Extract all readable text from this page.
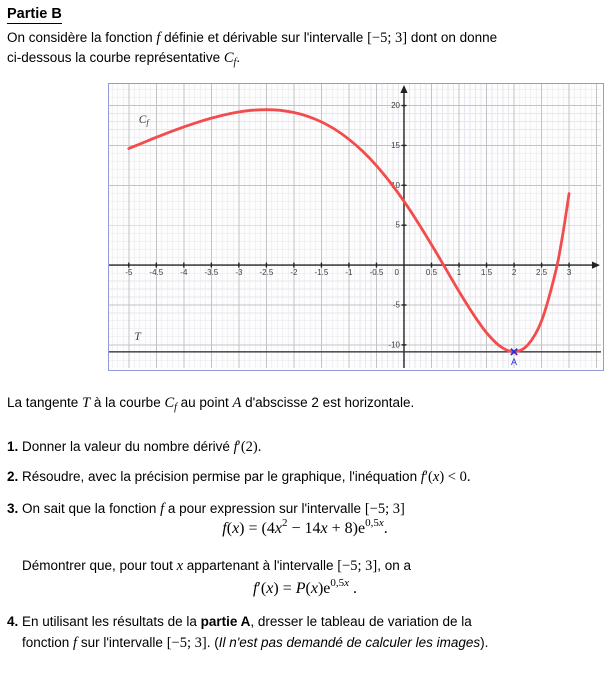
Partie B
On considère la fonction f définie et dérivable sur l'intervalle [−5; 3] dont on donne
ci-dessous la courbe représentative $C_f$.
-5 -4.5 -4 -3.5 -3 -2.5 -2 -1.5 -1 -0.5	0.5 1 1.5 2 2.5 3
20
15
10
5
-5
-10
0
Cf
T
A
La tangente T à la courbe $C_f$ au point A d'abscisse 2 est horizontale.
1. Donner la valeur du nombre dérivé f′(2).
2. Résoudre, avec la précision permise par le graphique, l'inéquation f′(x) < 0.
3. On sait que la fonction f a pour expression sur l'intervalle [−5; 3]
$f(x) = (4x^2 - 14x + 8)e^{0,5x}$.
Démontrer que, pour tout x appartenant à l'intervalle [−5; 3], on a
$f'(x) = P(x)e^{0,5x}$ .
4. En utilisant les résultats de la partie A, dresser le tableau de variation de la
fonction f sur l'intervalle [−5; 3]. (Il n'est pas demandé de calculer les images).
